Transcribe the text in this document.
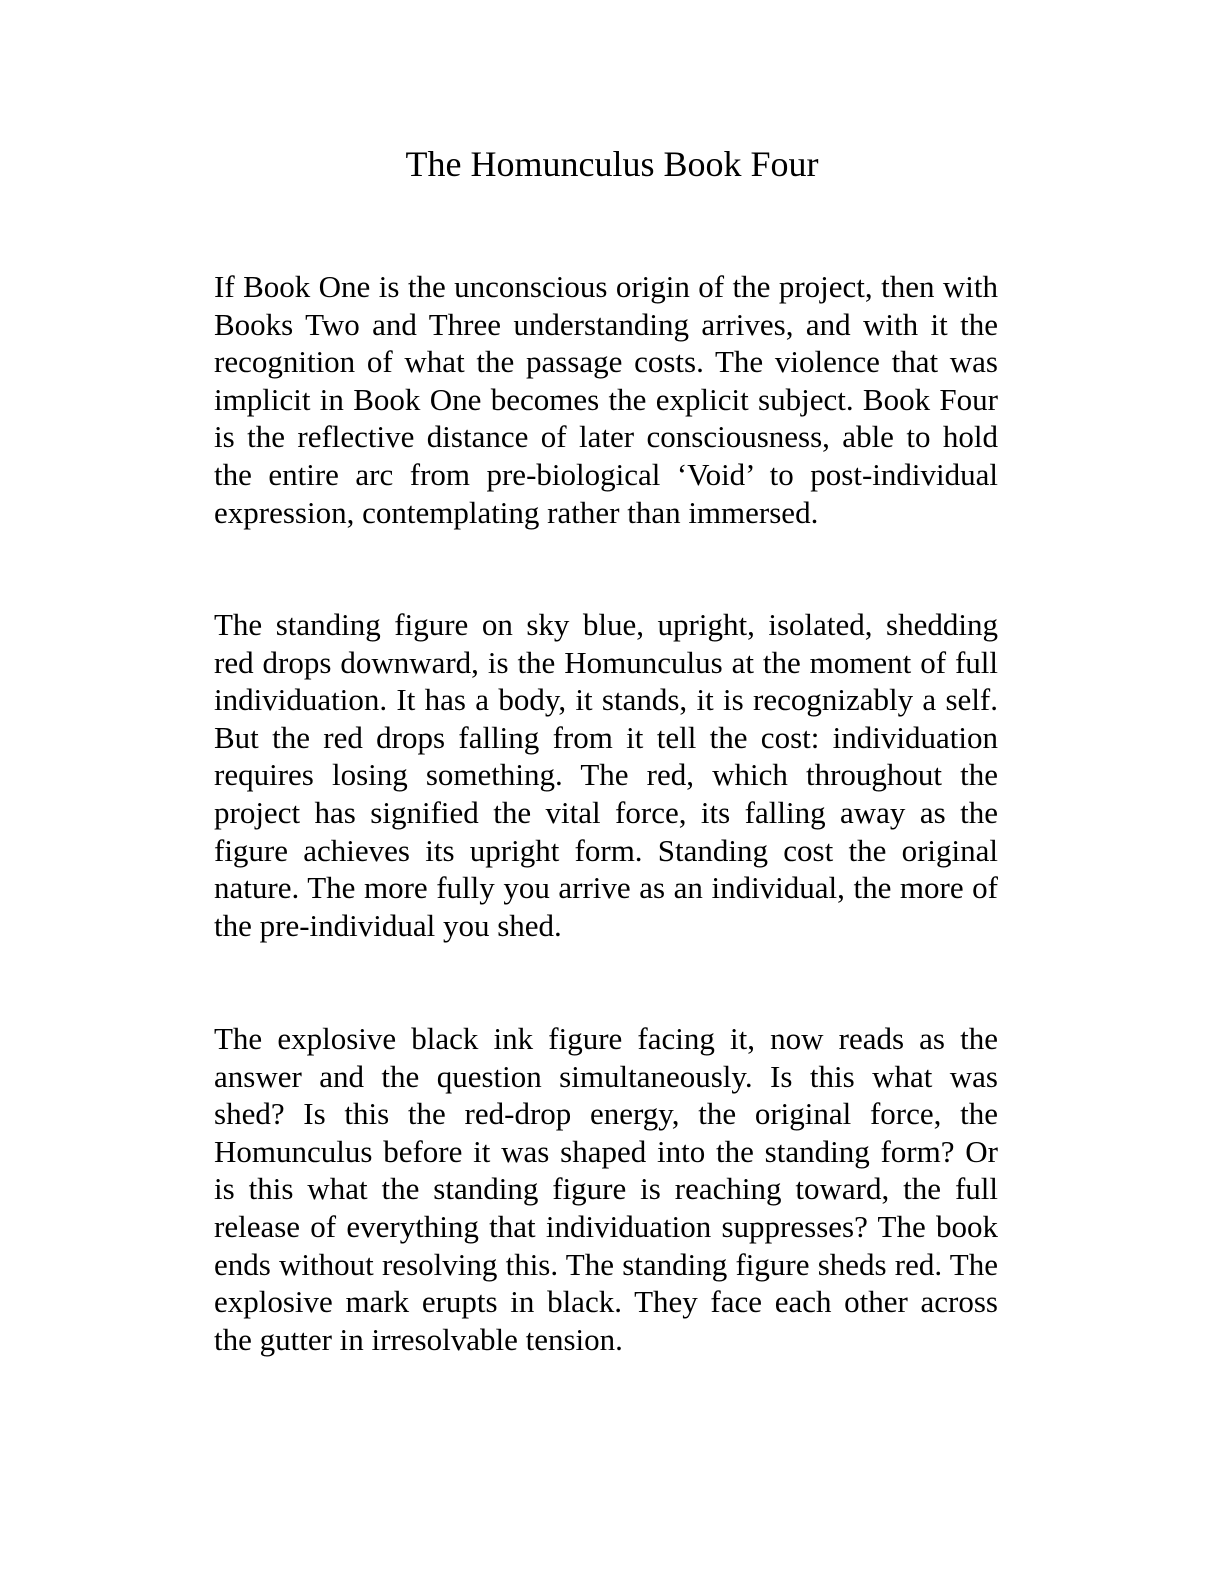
The Homunculus Book Four

If Book One is the unconscious origin of the project, then with Books Two and Three understanding arrives, and with it the recognition of what the passage costs. The violence that was implicit in Book One becomes the explicit subject. Book Four is the reflective distance of later consciousness, able to hold the entire arc from pre-biological ‘Void’ to post-individual expression, contemplating rather than immersed.

The standing figure on sky blue, upright, isolated, shedding red drops downward, is the Homunculus at the moment of full individuation. It has a body, it stands, it is recognizably a self. But the red drops falling from it tell the cost: individuation requires losing something. The red, which throughout the project has signified the vital force, its falling away as the figure achieves its upright form. Standing cost the original nature. The more fully you arrive as an individual, the more of the pre-individual you shed.

The explosive black ink figure facing it, now reads as the answer and the question simultaneously. Is this what was shed? Is this the red-drop energy, the original force, the Homunculus before it was shaped into the standing form? Or is this what the standing figure is reaching toward, the full release of everything that individuation suppresses? The book ends without resolving this. The standing figure sheds red. The explosive mark erupts in black. They face each other across the gutter in irresolvable tension.
